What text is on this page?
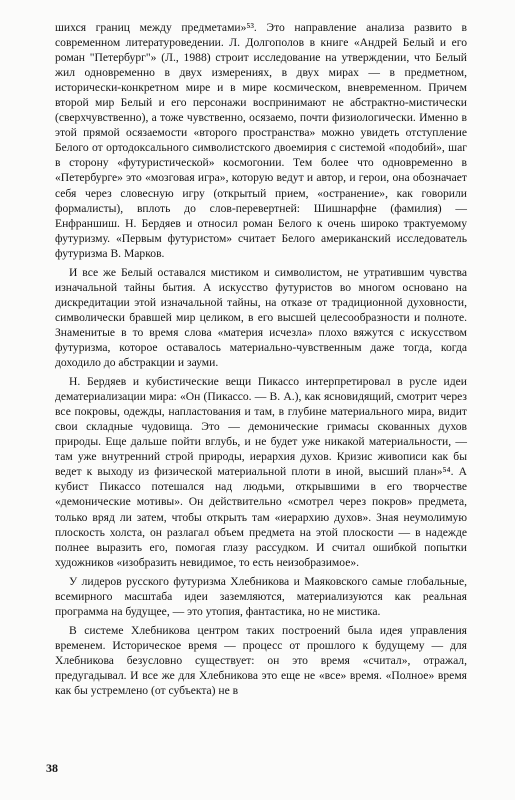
шихся границ между предметами»⁵³. Это направление анализа развито в современном литературоведении. Л. Долгополов в книге «Андрей Белый и его роман "Петербург"» (Л., 1988) строит исследование на утверждении, что Белый жил одновременно в двух измерениях, в двух мирах — в предметном, исторически-конкретном мире и в мире космическом, вневременном. Причем второй мир Белый и его персонажи воспринимают не абстрактно-мистически (сверхчувственно), а тоже чувственно, осязаемо, почти физиологически. Именно в этой прямой осязаемости «второго пространства» можно увидеть отступление Белого от ортодоксального символистского двоемирия с системой «подобий», шаг в сторону «футуристической» космогонии. Тем более что одновременно в «Петербурге» это «мозговая игра», которую ведут и автор, и герои, она обозначает себя через словесную игру (открытый прием, «остранение», как говорили формалисты), вплоть до слов-перевертней: Шишнарфне (фамилия) — Енфраншиш. Н. Бердяев и относил роман Белого к очень широко трактуемому футуризму. «Первым футуристом» считает Белого американский исследователь футуризма В. Марков.

И все же Белый оставался мистиком и символистом, не утратившим чувства изначальной тайны бытия. А искусство футуристов во многом основано на дискредитации этой изначальной тайны, на отказе от традиционной духовности, символически бравшей мир целиком, в его высшей целесообразности и полноте. Знаменитые в то время слова «материя исчезла» плохо вяжутся с искусством футуризма, которое оставалось материально-чувственным даже тогда, когда доходило до абстракции и зауми.

Н. Бердяев и кубистические вещи Пикассо интерпретировал в русле идеи дематериализации мира: «Он (Пикассо. — В. А.), как ясновидящий, смотрит через все покровы, одежды, напластования и там, в глубине материального мира, видит свои складные чудовища. Это — демонические гримасы скованных духов природы. Еще дальше пойти вглубь, и не будет уже никакой материальности, — там уже внутренний строй природы, иерархия духов. Кризис живописи как бы ведет к выходу из физической материальной плоти в иной, высший план»⁵⁴. А кубист Пикассо потешался над людьми, открывшими в его творчестве «демонические мотивы». Он действительно «смотрел через покров» предмета, только вряд ли затем, чтобы открыть там «иерархию духов». Зная неумолимую плоскость холста, он разлагал объем предмета на этой плоскости — в надежде полнее выразить его, помогая глазу рассудком. И считал ошибкой попытки художников «изобразить невидимое, то есть неизобразимое».

У лидеров русского футуризма Хлебникова и Маяковского самые глобальные, всемирного масштаба идеи заземляются, материализуются как реальная программа на будущее, — это утопия, фантастика, но не мистика.

В системе Хлебникова центром таких построений была идея управления временем. Историческое время — процесс от прошлого к будущему — для Хлебникова безусловно существует: он это время «считал», отражал, предугадывал. И все же для Хлебникова это еще не «все» время. «Полное» время как бы устремлено (от субъекта) не в

38
